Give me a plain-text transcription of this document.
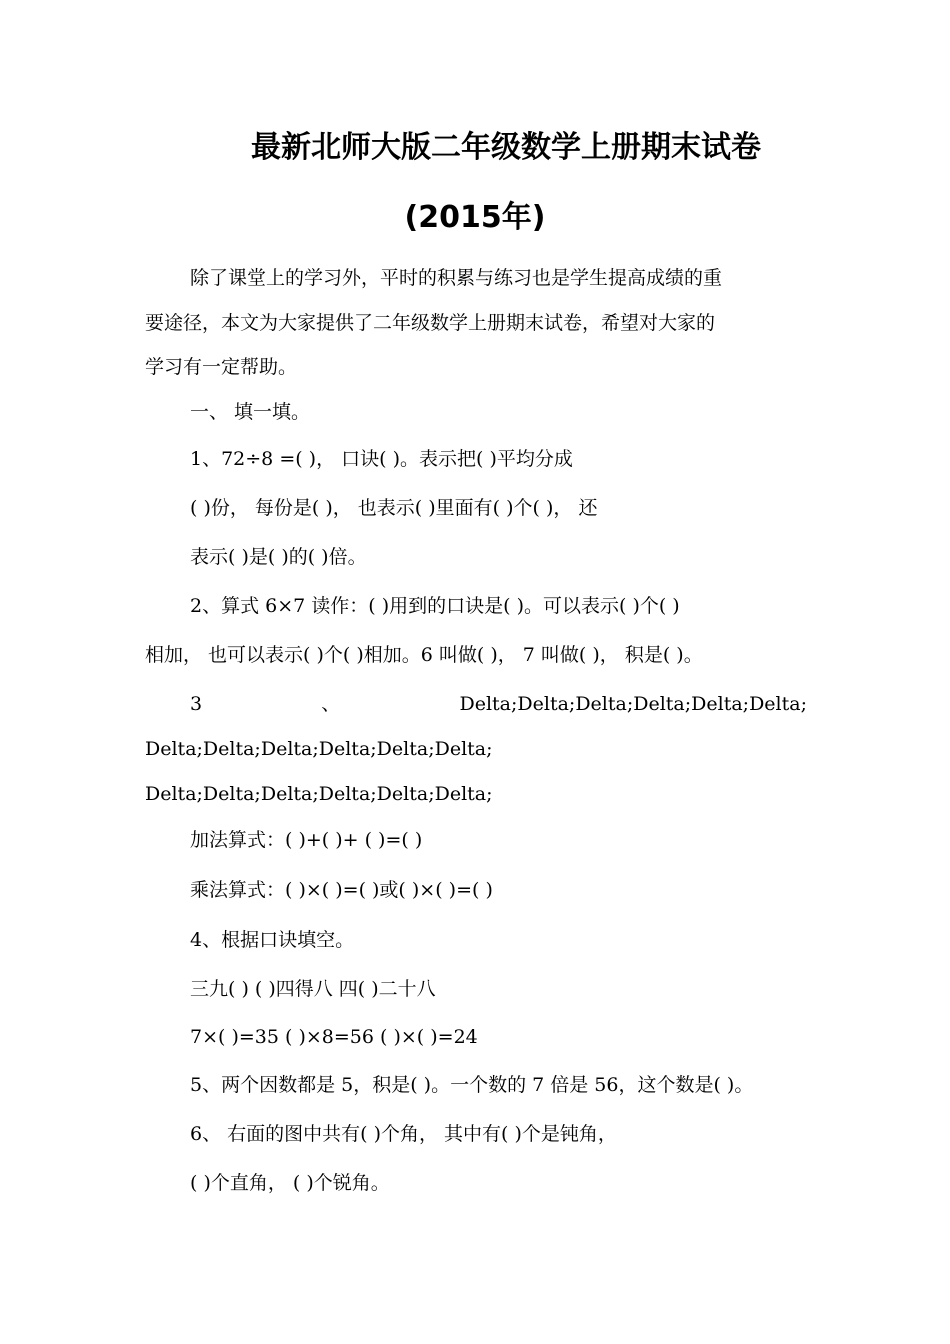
最新北师大版二年级数学上册期末试卷
(2015年)
除了课堂上的学习外，平时的积累与练习也是学生提高成绩的重
要途径，本文为大家提供了二年级数学上册期末试卷，希望对大家的
学习有一定帮助。
一、 填一填。
1、72÷8 =( )， 口诀( )。表示把( )平均分成
( )份， 每份是( )， 也表示( )里面有( )个( )， 还
表示( )是( )的( )倍。
2、算式 6×7 读作：( )用到的口诀是( )。可以表示( )个( )
相加， 也可以表示( )个( )相加。6 叫做( )， 7 叫做( )， 积是( )。
3	、	Delta;Delta;Delta;Delta;Delta;Delta;
Delta;Delta;Delta;Delta;Delta;Delta;
Delta;Delta;Delta;Delta;Delta;Delta;
加法算式：( )+( )+ ( )=( )
乘法算式：( )×( )=( )或( )×( )=( )
4、根据口诀填空。
三九( ) ( )四得八 四( )二十八
7×( )=35 ( )×8=56 ( )×( )=24
5、两个因数都是 5，积是( )。一个数的 7 倍是 56，这个数是( )。
6、 右面的图中共有( )个角， 其中有( )个是钝角，
( )个直角， ( )个锐角。
